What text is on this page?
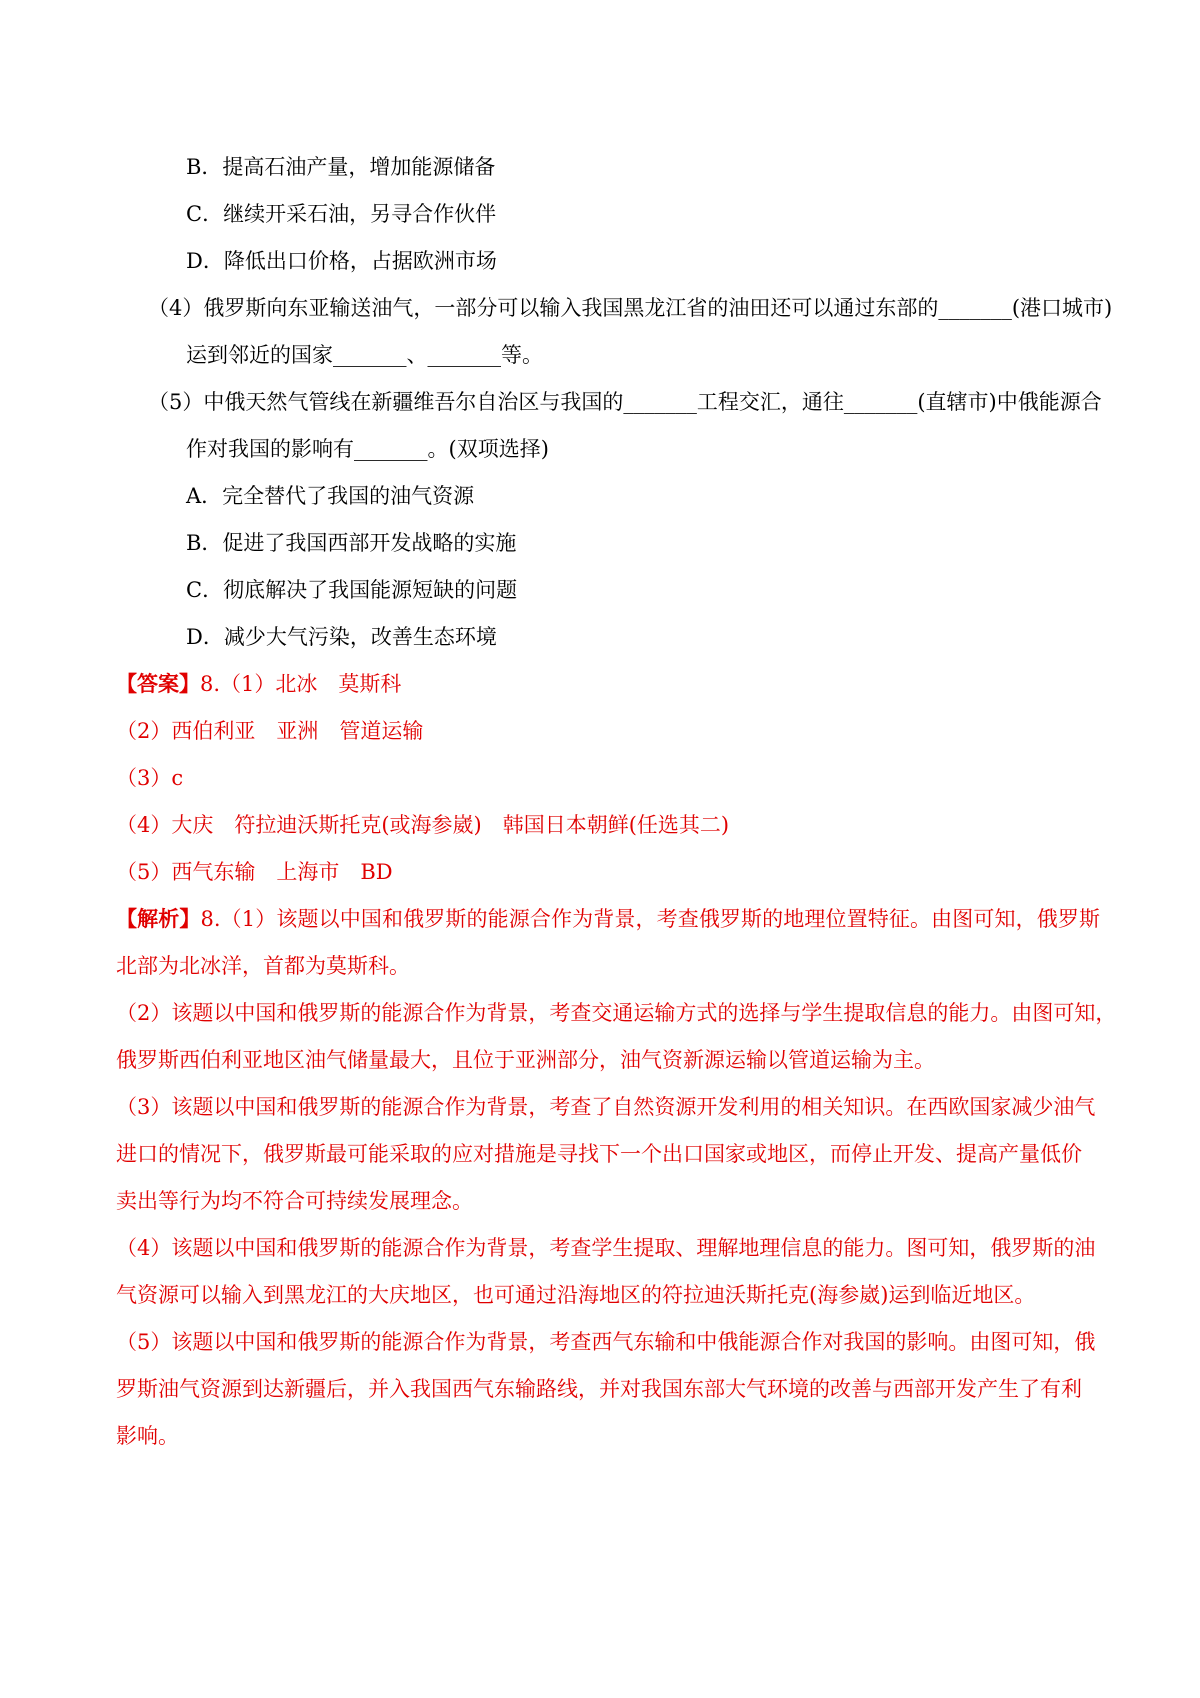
B．提高石油产量，增加能源储备
C．继续开采石油，另寻合作伙伴
D．降低出口价格，占据欧洲市场
（4）俄罗斯向东亚输送油气，一部分可以输入我国黑龙江省的油田还可以通过东部的_______(港口城市)
运到邻近的国家_______、_______等。
（5）中俄天然气管线在新疆维吾尔自治区与我国的_______工程交汇，通往_______(直辖市)中俄能源合
作对我国的影响有_______。(双项选择)
A．完全替代了我国的油气资源
B．促进了我国西部开发战略的实施
C．彻底解决了我国能源短缺的问题
D．减少大气污染，改善生态环境
【答案】8.（1）北冰　莫斯科
（2）西伯利亚　亚洲　管道运输
（3）c
（4）大庆　符拉迪沃斯托克(或海参崴)　韩国日本朝鲜(任选其二)
（5）西气东输　上海市　BD
【解析】8.（1）该题以中国和俄罗斯的能源合作为背景，考查俄罗斯的地理位置特征。由图可知，俄罗斯
北部为北冰洋，首都为莫斯科。
（2）该题以中国和俄罗斯的能源合作为背景，考查交通运输方式的选择与学生提取信息的能力。由图可知，
俄罗斯西伯利亚地区油气储量最大，且位于亚洲部分，油气资新源运输以管道运输为主。
（3）该题以中国和俄罗斯的能源合作为背景，考查了自然资源开发利用的相关知识。在西欧国家减少油气
进口的情况下，俄罗斯最可能采取的应对措施是寻找下一个出口国家或地区，而停止开发、提高产量低价
卖出等行为均不符合可持续发展理念。
（4）该题以中国和俄罗斯的能源合作为背景，考查学生提取、理解地理信息的能力。图可知，俄罗斯的油
气资源可以输入到黑龙江的大庆地区，也可通过沿海地区的符拉迪沃斯托克(海参崴)运到临近地区。
（5）该题以中国和俄罗斯的能源合作为背景，考查西气东输和中俄能源合作对我国的影响。由图可知，俄
罗斯油气资源到达新疆后，并入我国西气东输路线，并对我国东部大气环境的改善与西部开发产生了有利
影响。
